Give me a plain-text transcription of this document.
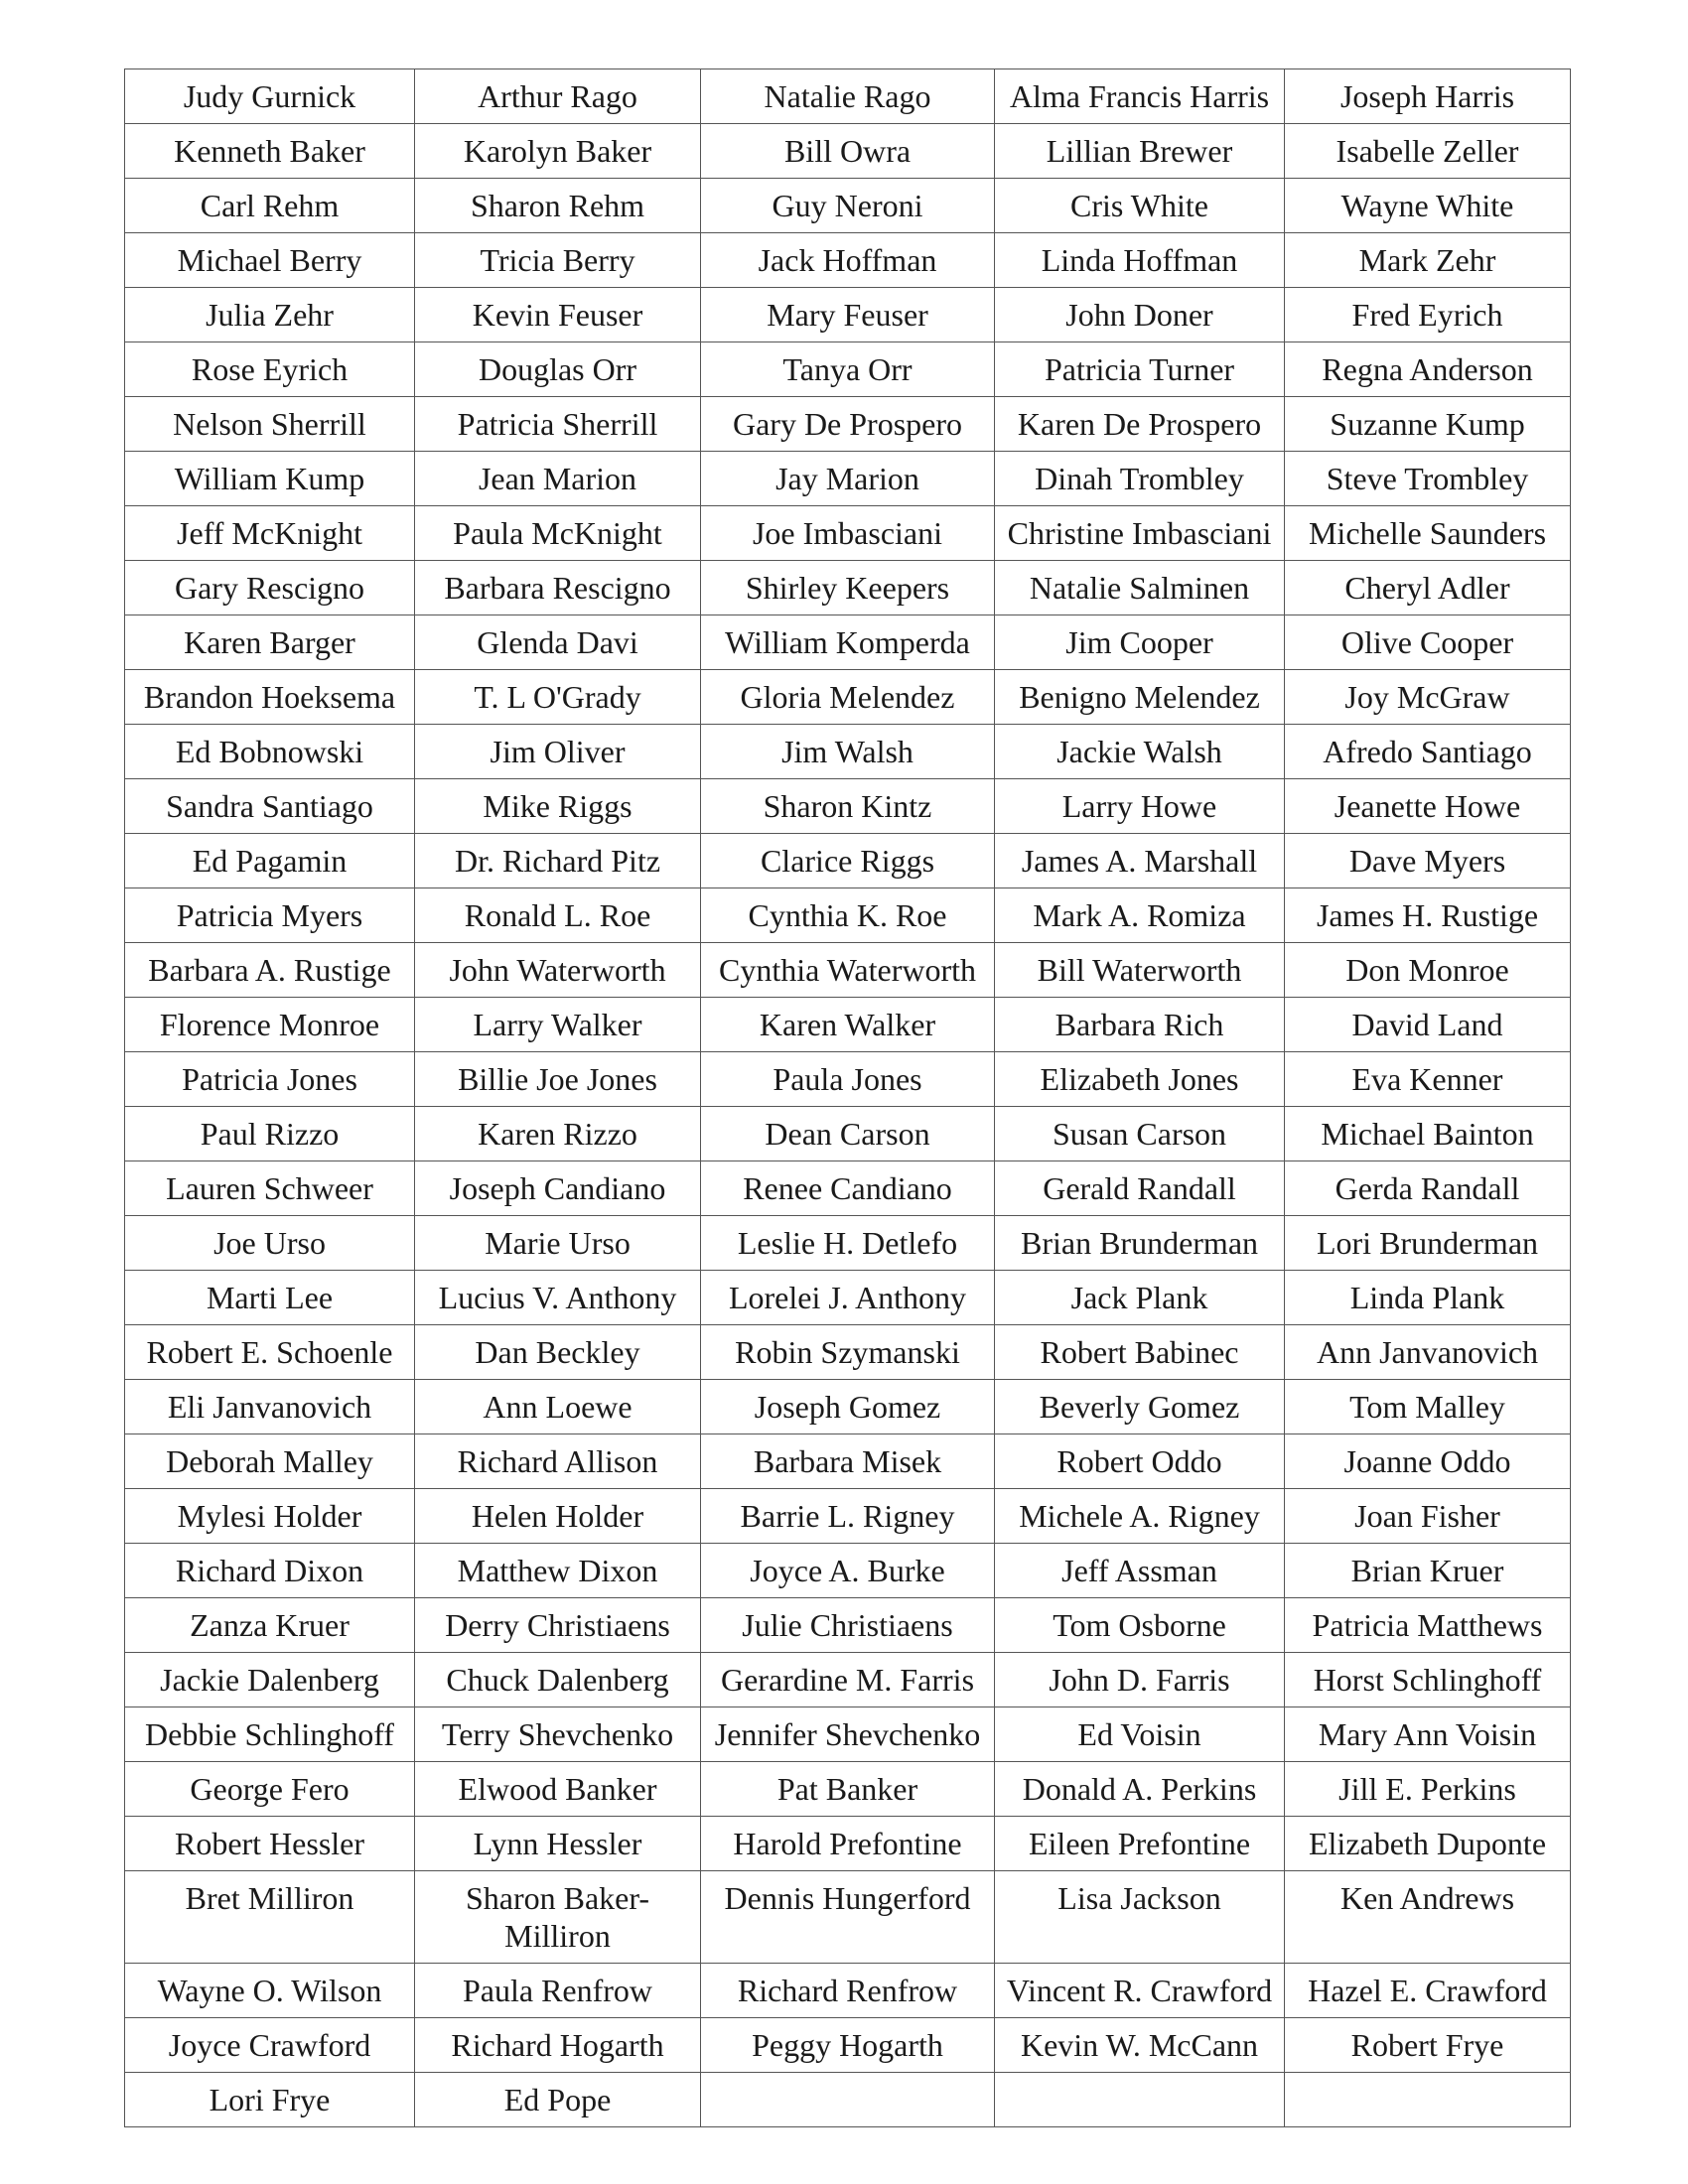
Judy Gurnick	Arthur Rago	Natalie Rago	Alma Francis Harris	Joseph Harris
Kenneth Baker	Karolyn Baker	Bill Owra	Lillian Brewer	Isabelle Zeller
Carl Rehm	Sharon Rehm	Guy Neroni	Cris White	Wayne White
Michael Berry	Tricia Berry	Jack Hoffman	Linda Hoffman	Mark Zehr
Julia Zehr	Kevin Feuser	Mary Feuser	John Doner	Fred Eyrich
Rose Eyrich	Douglas Orr	Tanya Orr	Patricia Turner	Regna Anderson
Nelson Sherrill	Patricia Sherrill	Gary De Prospero	Karen De Prospero	Suzanne Kump
William Kump	Jean Marion	Jay Marion	Dinah Trombley	Steve Trombley
Jeff McKnight	Paula McKnight	Joe Imbasciani	Christine Imbasciani	Michelle Saunders
Gary Rescigno	Barbara Rescigno	Shirley Keepers	Natalie Salminen	Cheryl Adler
Karen Barger	Glenda Davi	William Komperda	Jim Cooper	Olive Cooper
Brandon Hoeksema	T. L O'Grady	Gloria Melendez	Benigno Melendez	Joy McGraw
Ed Bobnowski	Jim Oliver	Jim Walsh	Jackie Walsh	Afredo Santiago
Sandra Santiago	Mike Riggs	Sharon Kintz	Larry Howe	Jeanette Howe
Ed Pagamin	Dr. Richard Pitz	Clarice Riggs	James A. Marshall	Dave Myers
Patricia Myers	Ronald L. Roe	Cynthia K. Roe	Mark A. Romiza	James H. Rustige
Barbara A. Rustige	John Waterworth	Cynthia Waterworth	Bill Waterworth	Don Monroe
Florence Monroe	Larry Walker	Karen Walker	Barbara Rich	David Land
Patricia Jones	Billie Joe Jones	Paula Jones	Elizabeth Jones	Eva Kenner
Paul Rizzo	Karen Rizzo	Dean Carson	Susan Carson	Michael Bainton
Lauren Schweer	Joseph Candiano	Renee Candiano	Gerald Randall	Gerda Randall
Joe Urso	Marie Urso	Leslie H. Detlefo	Brian Brunderman	Lori Brunderman
Marti Lee	Lucius V. Anthony	Lorelei J. Anthony	Jack Plank	Linda Plank
Robert E. Schoenle	Dan Beckley	Robin Szymanski	Robert Babinec	Ann Janvanovich
Eli Janvanovich	Ann Loewe	Joseph Gomez	Beverly Gomez	Tom Malley
Deborah Malley	Richard Allison	Barbara Misek	Robert Oddo	Joanne Oddo
Mylesi Holder	Helen Holder	Barrie L. Rigney	Michele A. Rigney	Joan Fisher
Richard Dixon	Matthew Dixon	Joyce A. Burke	Jeff Assman	Brian Kruer
Zanza Kruer	Derry Christiaens	Julie Christiaens	Tom Osborne	Patricia Matthews
Jackie Dalenberg	Chuck Dalenberg	Gerardine M. Farris	John D. Farris	Horst Schlinghoff
Debbie Schlinghoff	Terry Shevchenko	Jennifer Shevchenko	Ed Voisin	Mary Ann Voisin
George Fero	Elwood Banker	Pat Banker	Donald A. Perkins	Jill E. Perkins
Robert Hessler	Lynn Hessler	Harold Prefontine	Eileen Prefontine	Elizabeth Duponte
Bret Milliron	Sharon Baker-Milliron	Dennis Hungerford	Lisa Jackson	Ken Andrews
Wayne O. Wilson	Paula Renfrow	Richard Renfrow	Vincent R. Crawford	Hazel E. Crawford
Joyce Crawford	Richard Hogarth	Peggy Hogarth	Kevin W. McCann	Robert Frye
Lori Frye	Ed Pope			
